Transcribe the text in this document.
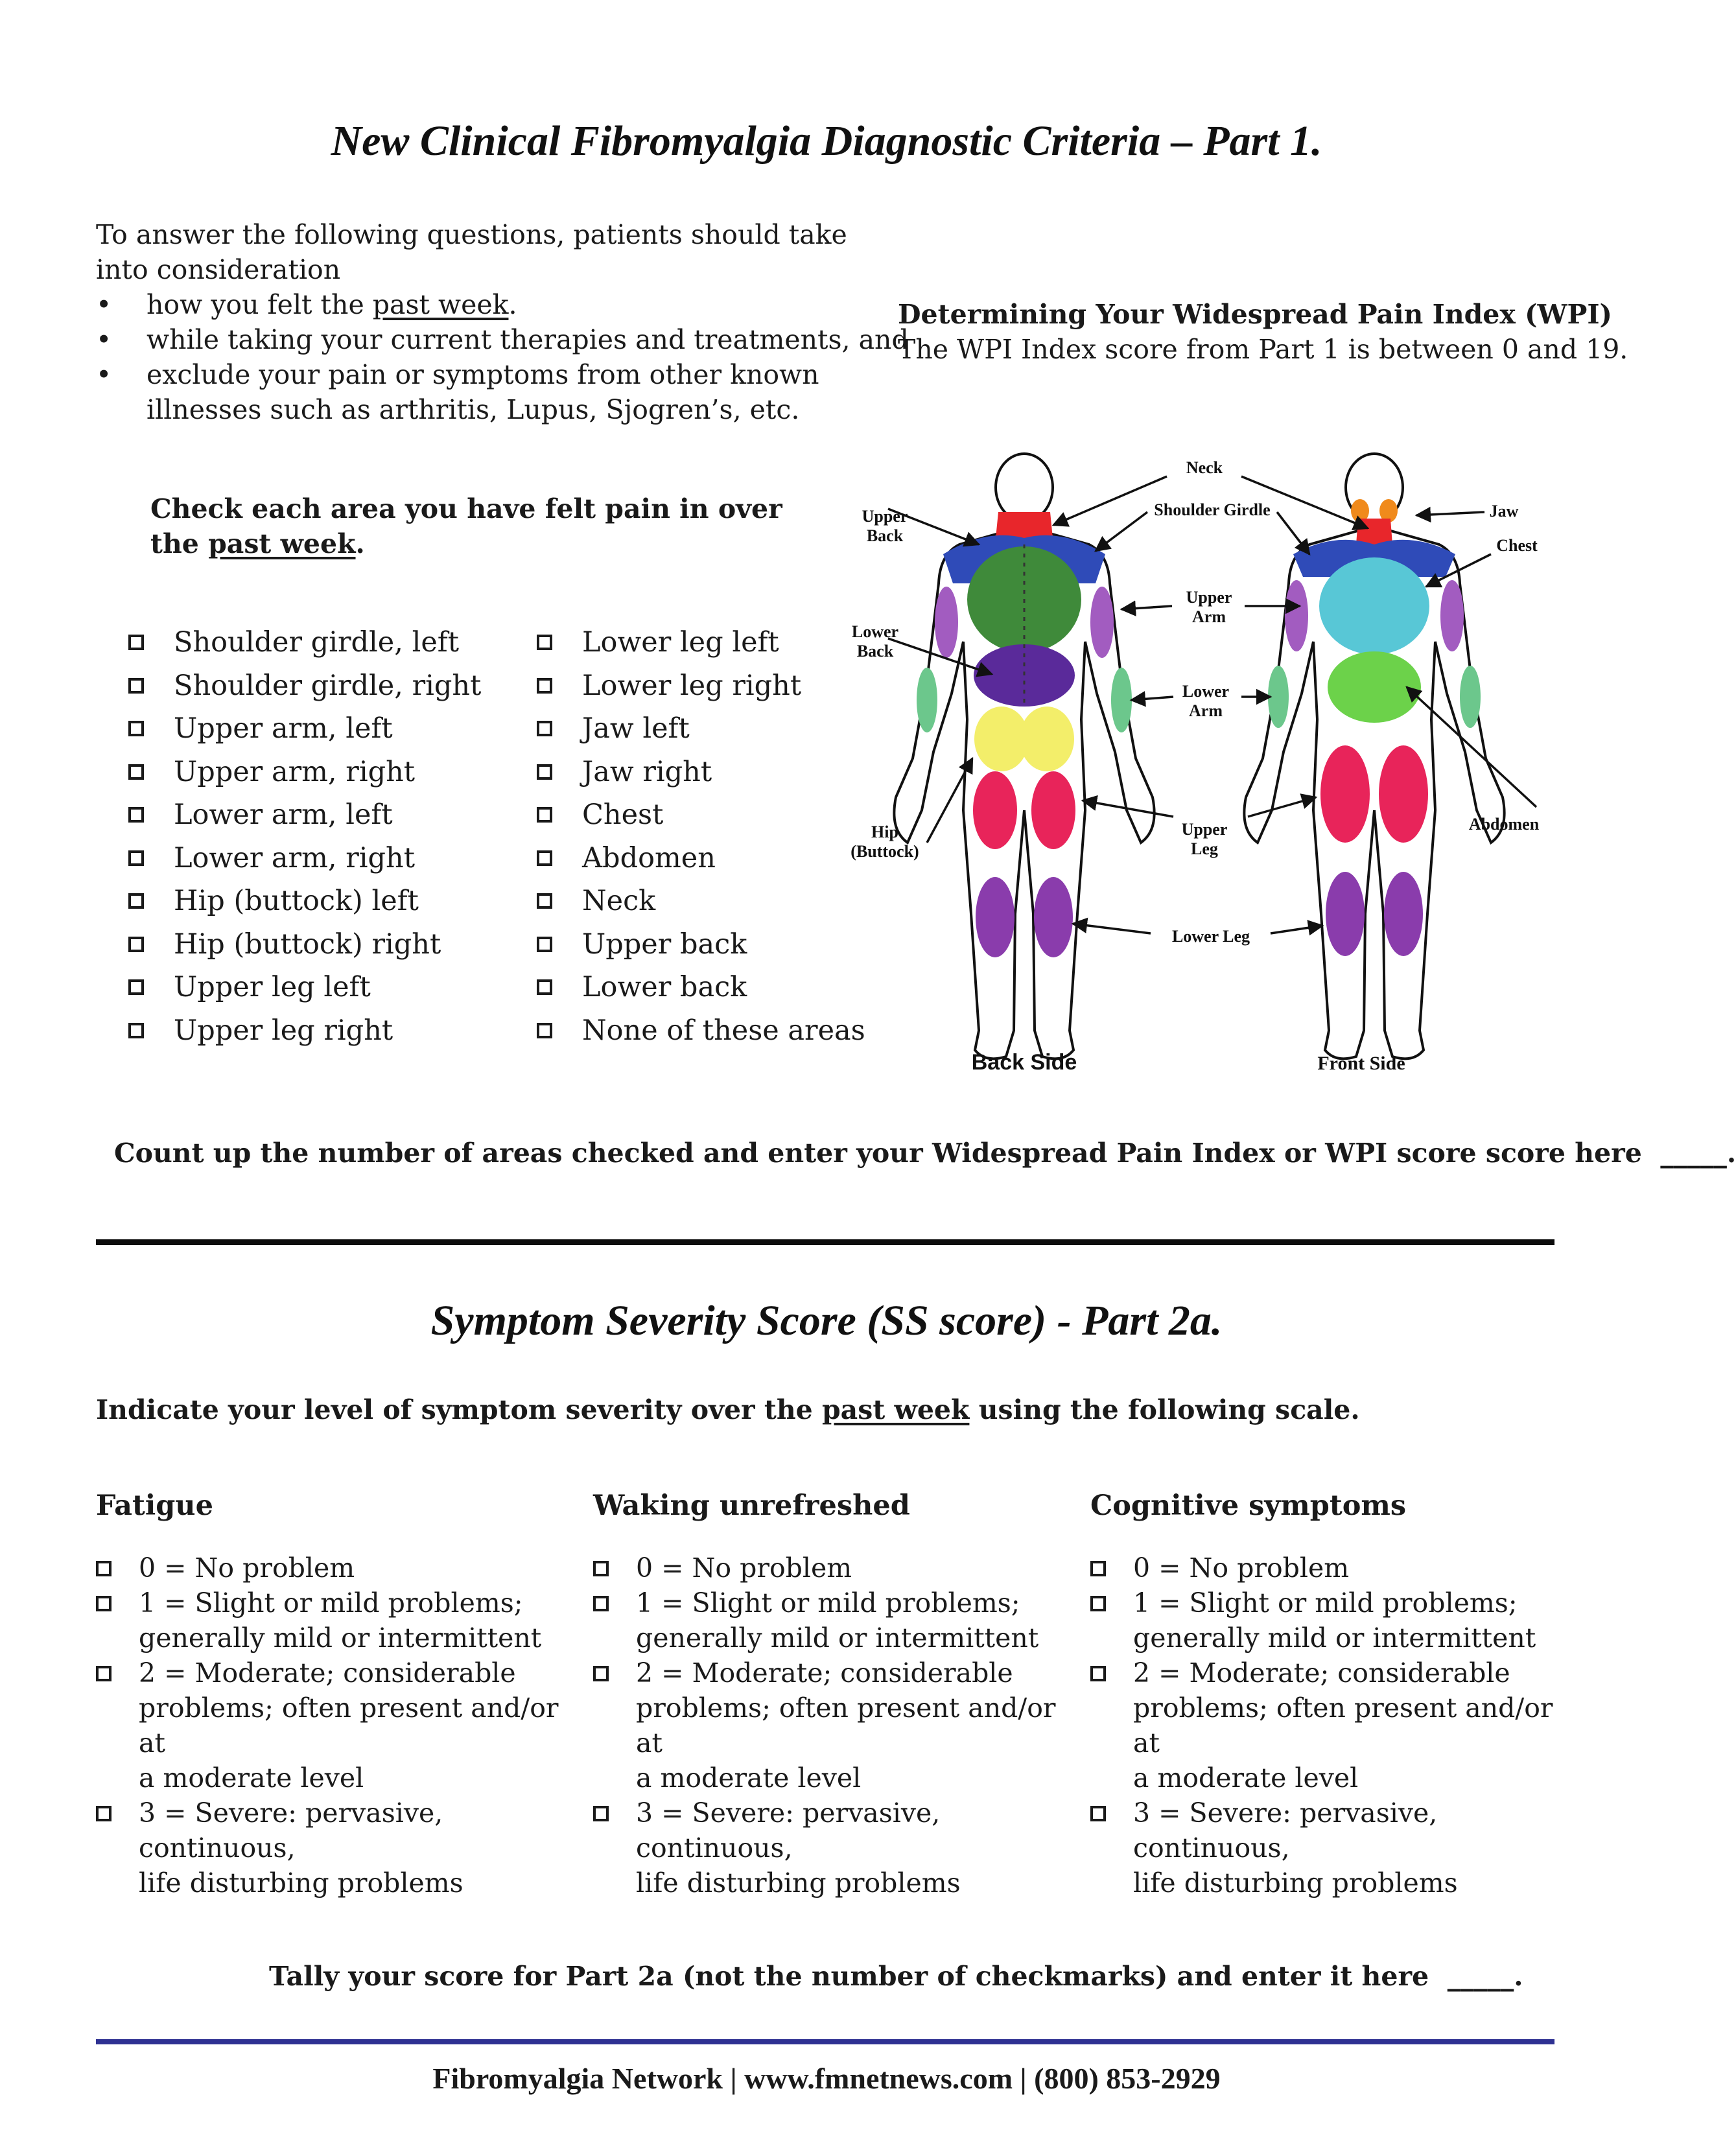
New Clinical Fibromyalgia Diagnostic Criteria – Part 1.
To answer the following questions, patients should take
into consideration
•	how you felt the past week.
•	while taking your current therapies and treatments, and
•	exclude your pain or symptoms from other known
illnesses such as arthritis, Lupus, Sjogren’s, etc.
Determining Your Widespread Pain Index (WPI)
The WPI Index score from Part 1 is between 0 and 19.
Check each area you have felt pain in over
the past week.
Shoulder girdle, left
Shoulder girdle, right
Upper arm, left
Upper arm, right
Lower arm, left
Lower arm, right
Hip (buttock) left
Hip (buttock) right
Upper leg left
Upper leg right
Lower leg left
Lower leg right
Jaw left
Jaw right
Chest
Abdomen
Neck
Upper back
Lower back
None of these areas
Neck
Shoulder Girdle
Upper
Back
Lower
Back
Upper
Arm
Lower
Arm
Hip
(Buttock)
Upper
Leg
Lower Leg
Jaw
Chest
Abdomen
Back Side	Front Side
Count up the number of areas checked and enter your Widespread Pain Index or WPI score score here _____.
Symptom Severity Score (SS score) - Part 2a.
Indicate your level of symptom severity over the past week using the following scale.
Fatigue
0 = No problem
1 = Slight or mild problems;
generally mild or intermittent
2 = Moderate; considerable
problems; often present and/or at
a moderate level
3 = Severe: pervasive, continuous,
life disturbing problems
Waking unrefreshed
0 = No problem
1 = Slight or mild problems;
generally mild or intermittent
2 = Moderate; considerable
problems; often present and/or at
a moderate level
3 = Severe: pervasive, continuous,
life disturbing problems
Cognitive symptoms
0 = No problem
1 = Slight or mild problems;
generally mild or intermittent
2 = Moderate; considerable
problems; often present and/or at
a moderate level
3 = Severe: pervasive, continuous,
life disturbing problems
Tally your score for Part 2a (not the number of checkmarks) and enter it here _____.
Fibromyalgia Network | www.fmnetnews.com | (800) 853-2929
